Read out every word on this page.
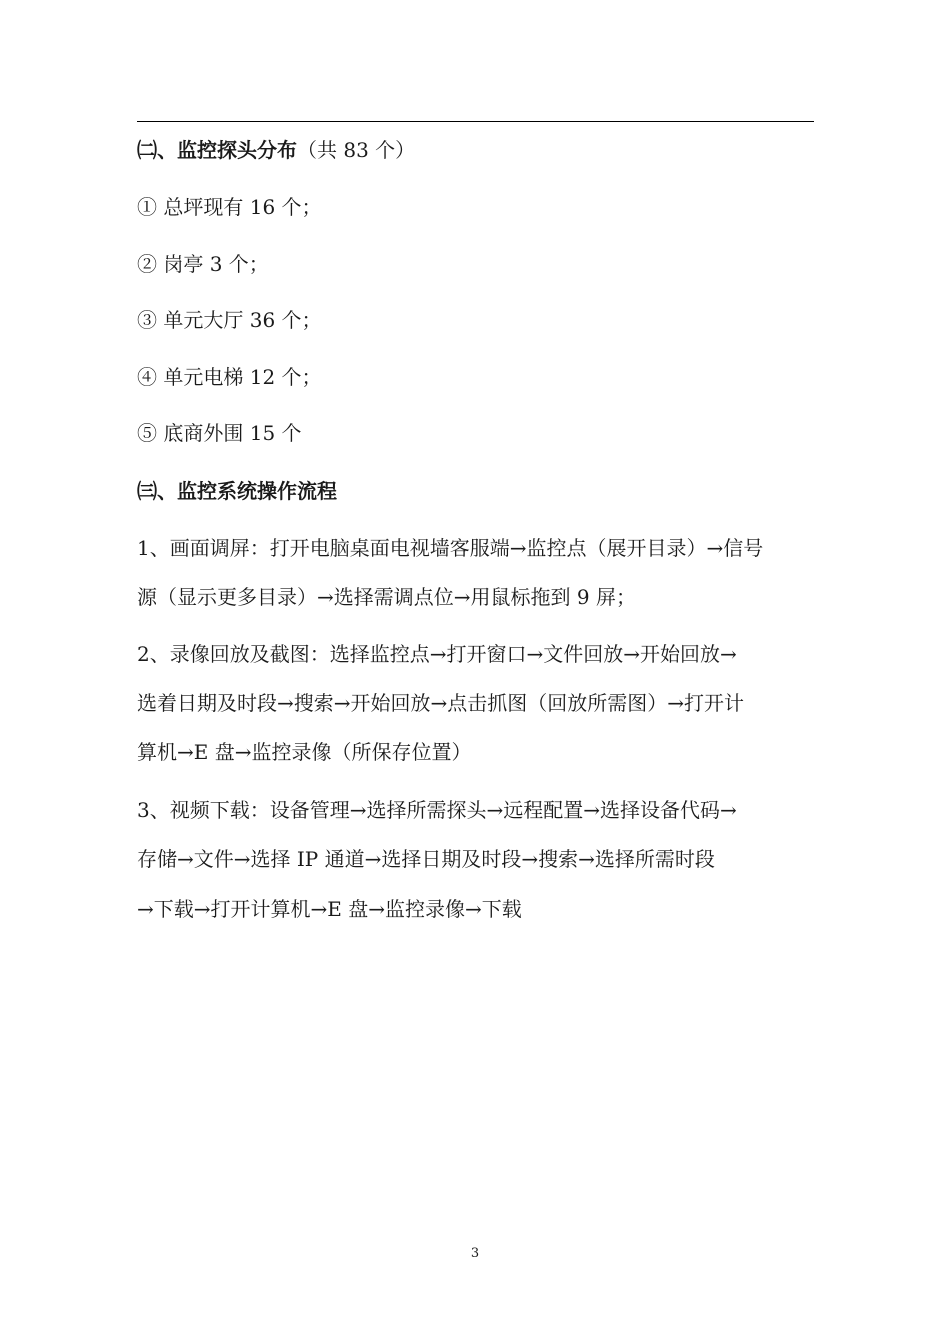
㈡、监控探头分布（共 83 个）
① 总坪现有 16 个；
② 岗亭 3 个；
③ 单元大厅 36 个；
④ 单元电梯 12 个；
⑤ 底商外围 15 个
㈢、监控系统操作流程
1、画面调屏：打开电脑桌面电视墙客服端→监控点（展开目录）→信号
源（显示更多目录）→选择需调点位→用鼠标拖到 9 屏；
2、录像回放及截图：选择监控点→打开窗口→文件回放→开始回放→
选着日期及时段→搜索→开始回放→点击抓图（回放所需图）→打开计
算机→E 盘→监控录像（所保存位置）
3、视频下载：设备管理→选择所需探头→远程配置→选择设备代码→
存储→文件→选择 IP 通道→选择日期及时段→搜索→选择所需时段
→下载→打开计算机→E 盘→监控录像→下载
3
